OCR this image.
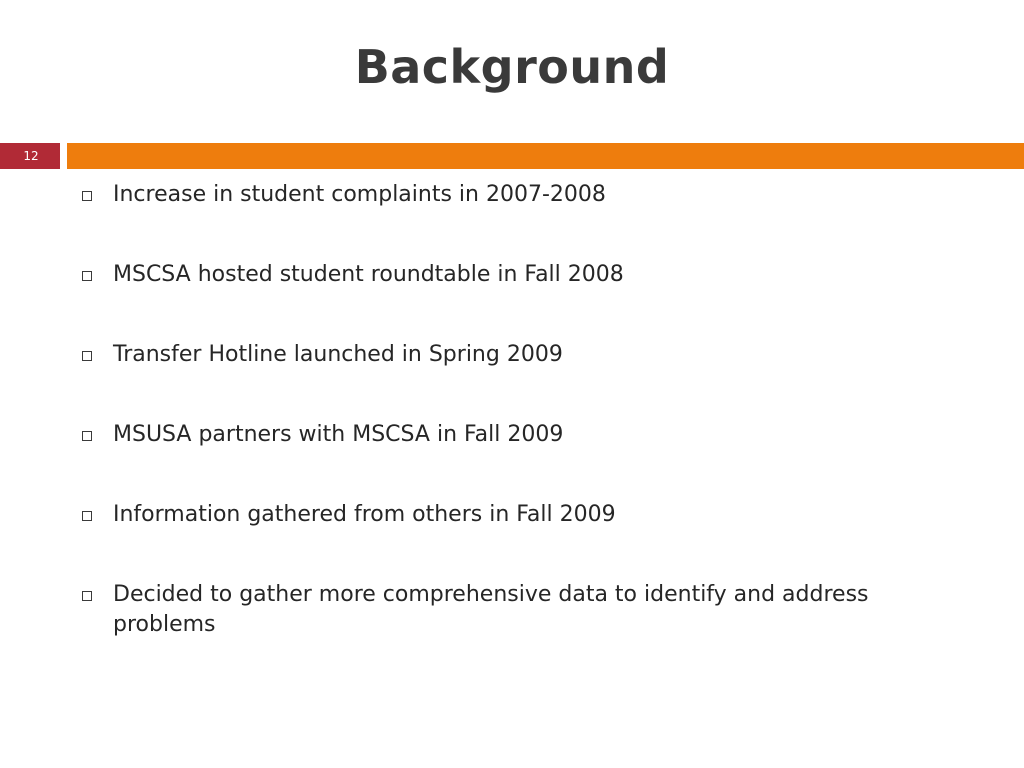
Background
12
Increase in student complaints in 2007-2008
MSCSA hosted student roundtable in Fall 2008
Transfer Hotline launched in Spring 2009
MSUSA partners with MSCSA in Fall 2009
Information gathered from others in Fall 2009
Decided to gather more comprehensive data to identify and address problems
